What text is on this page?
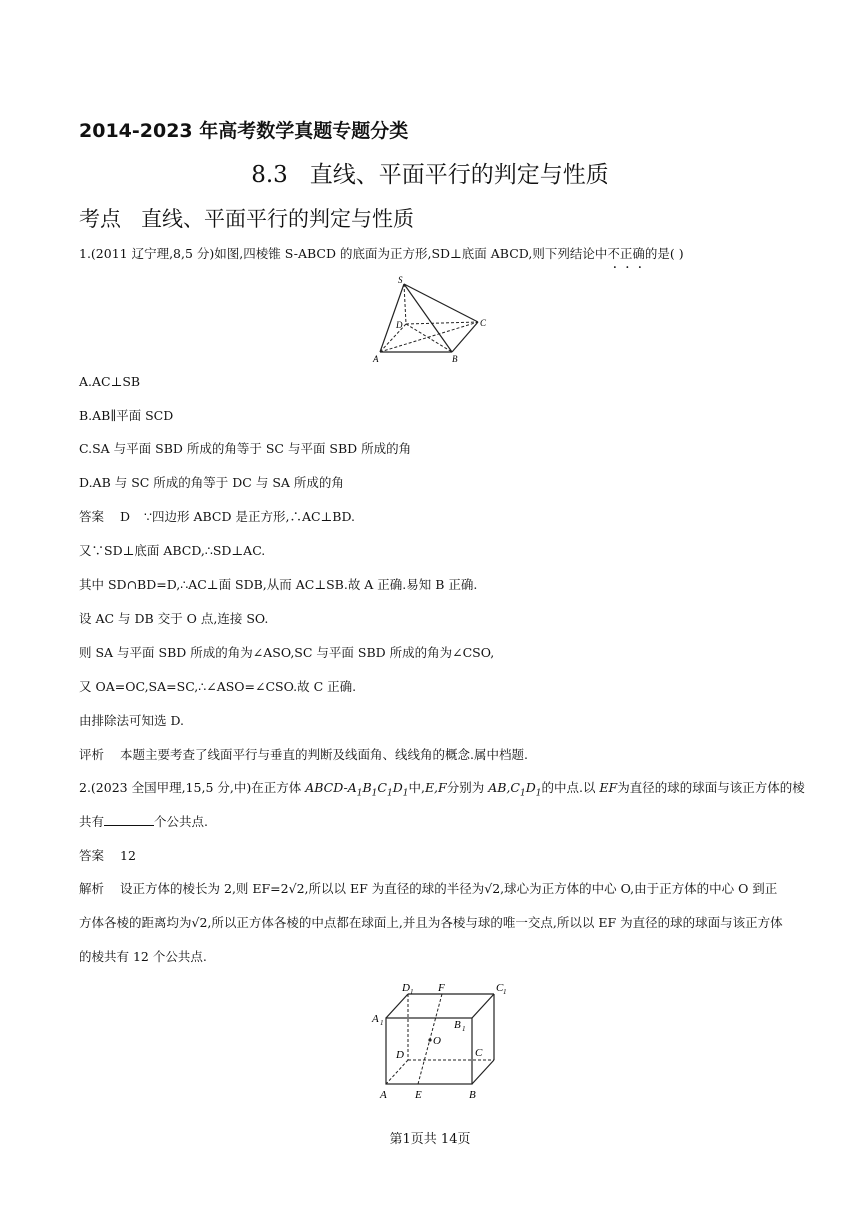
2014-2023 年高考数学真题专题分类
8.3 直线、平面平行的判定与性质
考点 直线、平面平行的判定与性质
1.(2011 辽宁理,8,5 分)如图,四棱锥 S-ABCD 的底面为正方形,SD⊥底面 ABCD,则下列结论中不正确的是( )
S
D	C
A	B
A.AC⊥SB
B.AB∥平面 SCD
C.SA 与平面 SBD 所成的角等于 SC 与平面 SBD 所成的角
D.AB 与 SC 所成的角等于 DC 与 SA 所成的角
答案 D ∵四边形 ABCD 是正方形,∴AC⊥BD.
又∵SD⊥底面 ABCD,∴SD⊥AC.
其中 SD∩BD=D,∴AC⊥面 SDB,从而 AC⊥SB.故 A 正确.易知 B 正确.
设 AC 与 DB 交于 O 点,连接 SO.
则 SA 与平面 SBD 所成的角为∠ASO,SC 与平面 SBD 所成的角为∠CSO,
又 OA=OC,SA=SC,∴∠ASO=∠CSO.故 C 正确.
由排除法可知选 D.
评析 本题主要考查了线面平行与垂直的判断及线面角、线线角的概念.属中档题.
2.(2023 全国甲理,15,5 分,中)在正方体 ABCD-$A_1B_1C_1D_1$中,E,F分别为 $AB,C_1D_1$的中点.以 EF为直径的球的球面与该正方体的棱
共有	个公共点.
答案 12
解析 设正方体的棱长为 2,则 EF=2√2,所以以 EF 为直径的球的半径为√2,球心为正方体的中心 O,由于正方体的中心 O 到正方体各棱的距离均为√2,所以正方体各棱的中点都在球面上,并且为各棱与球的唯一交点,所以以 EF 为直径的球的球面与该正方体的棱共有 12 个公共点.
D 1 F	C 1
A 1	B 1
O
D	C
A	E	B
第1页共 14页
